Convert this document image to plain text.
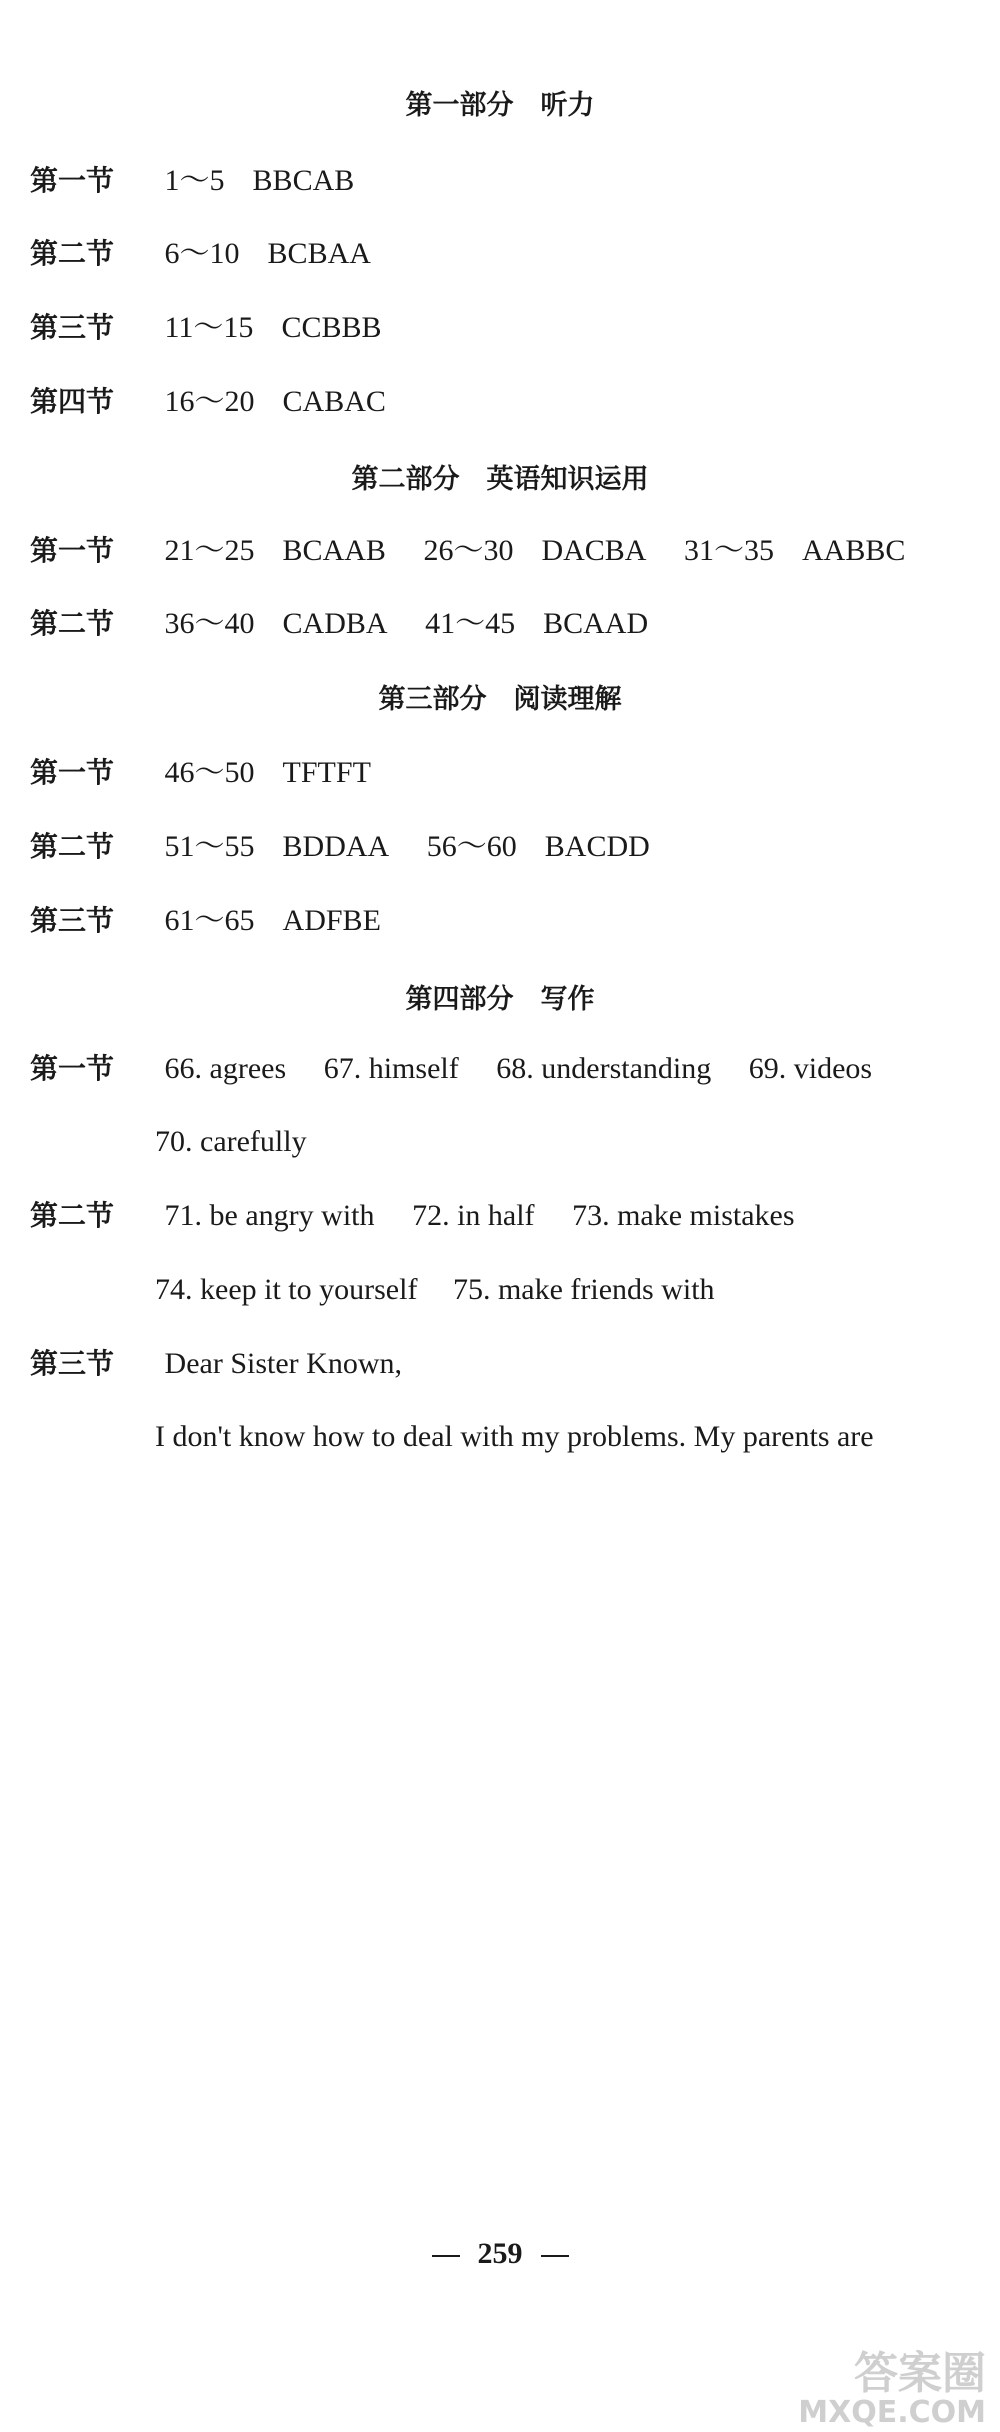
第一部分　听力
第一节 1～5 BBCAB
第二节 6～10 BCBAA
第三节 11～15 CCBBB
第四节 16～20 CABAC
第二部分　英语知识运用
第一节 21～25 BCAAB 26～30 DACBA 31～35 AABBC
第二节 36～40 CADBA 41～45 BCAAD
第三部分　阅读理解
第一节 46～50 TFTFT
第二节 51～55 BDDAA 56～60 BACDD
第三节 61～65 ADFBE
第四部分　写作
第一节 66. agrees 67. himself 68. understanding 69. videos
70. carefully
第二节 71. be angry with 72. in half 73. make mistakes
74. keep it to yourself 75. make friends with
第三节 Dear Sister Known,
I don't know how to deal with my problems. My parents are
259
答案圈
MXQE.COM
